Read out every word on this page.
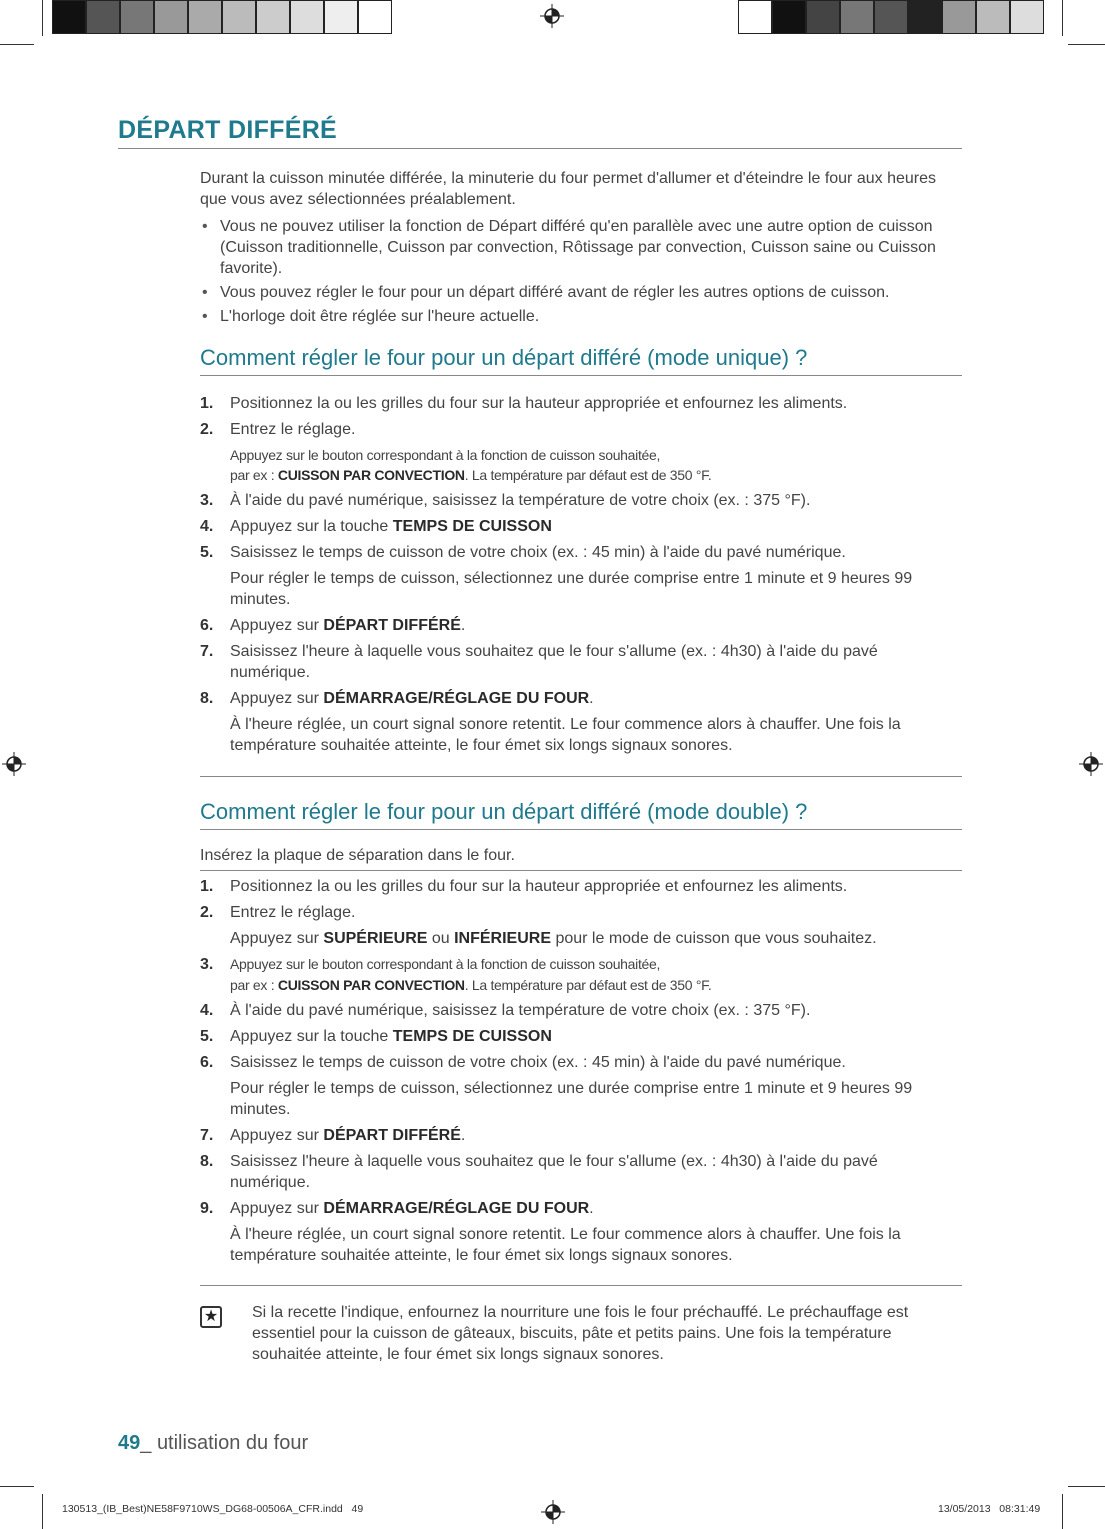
DÉPART DIFFÉRÉ
Durant la cuisson minutée différée, la minuterie du four permet d'allumer et d'éteindre le four aux heures que vous avez sélectionnées préalablement.
• Vous ne pouvez utiliser la fonction de Départ différé qu'en parallèle avec une autre option de cuisson (Cuisson traditionnelle, Cuisson par convection, Rôtissage par convection, Cuisson saine ou Cuisson favorite).
• Vous pouvez régler le four pour un départ différé avant de régler les autres options de cuisson.
• L'horloge doit être réglée sur l'heure actuelle.
Comment régler le four pour un départ différé (mode unique) ?
1. Positionnez la ou les grilles du four sur la hauteur appropriée et enfournez les aliments.
2. Entrez le réglage.
Appuyez sur le bouton correspondant à la fonction de cuisson souhaitée,
par ex : CUISSON PAR CONVECTION. La température par défaut est de 350 °F.
3. À l'aide du pavé numérique, saisissez la température de votre choix (ex. : 375 °F).
4. Appuyez sur la touche TEMPS DE CUISSON
5. Saisissez le temps de cuisson de votre choix (ex. : 45 min) à l'aide du pavé numérique.
Pour régler le temps de cuisson, sélectionnez une durée comprise entre 1 minute et 9 heures 99 minutes.
6. Appuyez sur DÉPART DIFFÉRÉ.
7. Saisissez l'heure à laquelle vous souhaitez que le four s'allume (ex. : 4h30) à l'aide du pavé numérique.
8. Appuyez sur DÉMARRAGE/RÉGLAGE DU FOUR.
À l'heure réglée, un court signal sonore retentit. Le four commence alors à chauffer. Une fois la température souhaitée atteinte, le four émet six longs signaux sonores.
Comment régler le four pour un départ différé (mode double) ?
Insérez la plaque de séparation dans le four.
1. Positionnez la ou les grilles du four sur la hauteur appropriée et enfournez les aliments.
2. Entrez le réglage.
Appuyez sur SUPÉRIEURE ou INFÉRIEURE pour le mode de cuisson que vous souhaitez.
3. Appuyez sur le bouton correspondant à la fonction de cuisson souhaitée,
par ex : CUISSON PAR CONVECTION. La température par défaut est de 350 °F.
4. À l'aide du pavé numérique, saisissez la température de votre choix (ex. : 375 °F).
5. Appuyez sur la touche TEMPS DE CUISSON
6. Saisissez le temps de cuisson de votre choix (ex. : 45 min) à l'aide du pavé numérique.
Pour régler le temps de cuisson, sélectionnez une durée comprise entre 1 minute et 9 heures 99 minutes.
7. Appuyez sur DÉPART DIFFÉRÉ.
8. Saisissez l'heure à laquelle vous souhaitez que le four s'allume (ex. : 4h30) à l'aide du pavé numérique.
9. Appuyez sur DÉMARRAGE/RÉGLAGE DU FOUR.
À l'heure réglée, un court signal sonore retentit. Le four commence alors à chauffer. Une fois la température souhaitée atteinte, le four émet six longs signaux sonores.
★ Si la recette l'indique, enfournez la nourriture une fois le four préchauffé. Le préchauffage est essentiel pour la cuisson de gâteaux, biscuits, pâte et petits pains. Une fois la température souhaitée atteinte, le four émet six longs signaux sonores.
49_ utilisation du four
130513_(IB_Best)NE58F9710WS_DG68-00506A_CFR.indd   49	13/05/2013   08:31:49
